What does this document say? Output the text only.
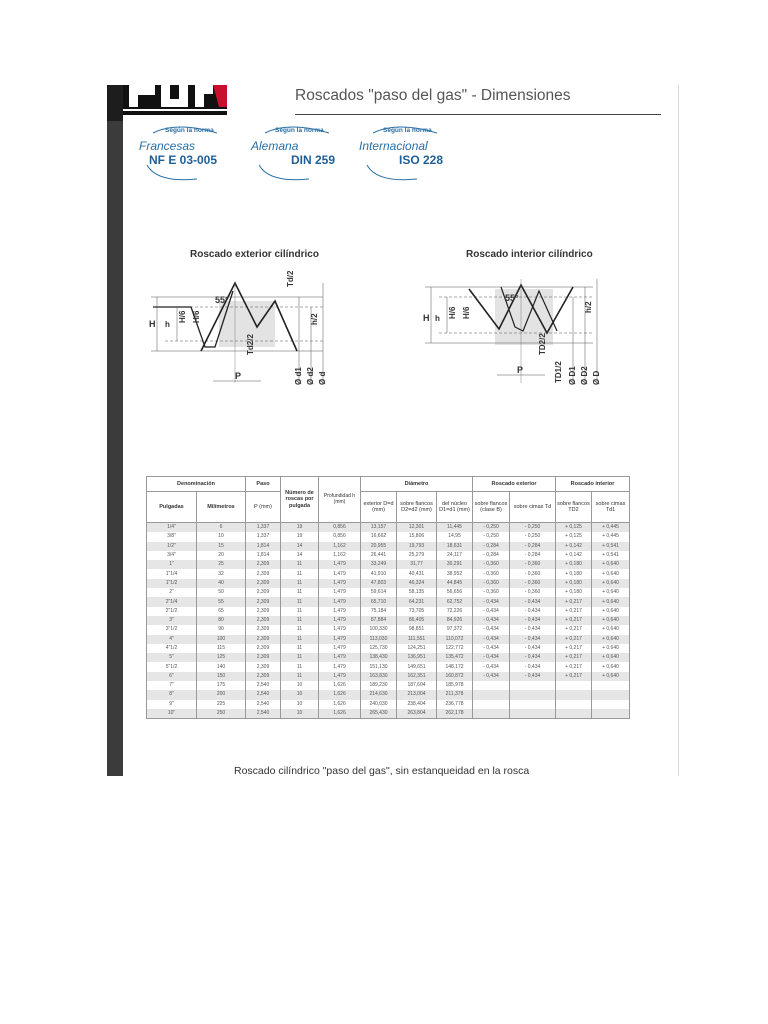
Roscados "paso del gas" - Dimensiones
Según la norma
Francesas
NF E 03-005
Según la norma
Alemana
DIN 259
Según la norma
Internacional
ISO 228
Roscado exterior cilíndrico	Roscado interior cilíndrico
H h
H/6 H/6
55°
Td/2
h/2
Td2/2
P	Ø d1 Ø d2 Ø d
H h H/6 H/6
55°
h/2
TD2/2
P	TD1/2 Ø D1 Ø D2 Ø D
Denominación		Paso	Número de roscas por pulgada	Profundidad h (mm)	Diámetro			Roscado exterior		Roscado interior	
Pulgadas	Milímetros	P (mm)			exterior D=d (mm)	sobre flancos D2=d2 (mm)	del núcleo D1=d1 (mm)	sobre flancos (clase B)	sobre cimas Td	sobre flancos TD2	sobre cimas Td1
1/4"	6	1,337	19	0,856	13,157	12,301	11,445	- 0,250	- 0,250	+ 0,125	+ 0,445
3/8"	10	1,337	19	0,856	16,662	15,806	14,95	- 0,250	- 0,250	+ 0,125	+ 0,445
1/2"	15	1,814	14	1,162	20,955	19,793	18,631	- 0,284	- 0,284	+ 0,142	+ 0,541
3/4"	20	1,814	14	1,162	26,441	25,279	24,117	- 0,284	- 0,284	+ 0,142	+ 0,541
1"	25	2,309	11	1,479	33,249	31,77	30,291	- 0,360	- 0,360	+ 0,180	+ 0,640
1"1/4	32	2,309	11	1,479	41,910	40,431	38,952	- 0,360	- 0,360	+ 0,180	+ 0,640
1"1/2	40	2,309	11	1,479	47,803	46,324	44,845	- 0,360	- 0,360	+ 0,180	+ 0,640
2"	50	2,309	11	1,479	59,614	58,135	56,656	- 0,360	- 0,360	+ 0,180	+ 0,640
2"1/4	55	2,309	11	1,479	65,710	64,231	62,752	- 0,434	- 0,434	+ 0,217	+ 0,640
2"1/2	65	2,309	11	1,479	75,184	73,705	72,226	- 0,434	- 0,434	+ 0,217	+ 0,640
3"	80	2,309	11	1,479	87,884	86,405	84,926	- 0,434	- 0,434	+ 0,217	+ 0,640
3"1/2	90	2,309	11	1,479	100,330	98,851	97,372	- 0,434	- 0,434	+ 0,217	+ 0,640
4"	100	2,309	11	1,479	113,030	111,551	110,072	- 0,434	- 0,434	+ 0,217	+ 0,640
4"1/2	115	2,309	11	1,479	125,730	124,251	122,772	- 0,434	- 0,434	+ 0,217	+ 0,640
5"	125	2,309	11	1,479	138,430	136,951	135,472	- 0,434	- 0,434	+ 0,217	+ 0,640
5"1/2	140	2,309	11	1,479	151,130	149,651	148,172	- 0,434	- 0,434	+ 0,217	+ 0,640
6"	150	2,309	11	1,479	163,830	162,351	160,872	- 0,434	- 0,434	+ 0,217	+ 0,640
7"	175	2,540	10	1,626	189,230	187,604	185,978				
8"	200	2,540	10	1,626	214,630	213,004	211,378				
9"	225	2,540	10	1,626	240,030	238,404	236,778				
10"	250	2,540	10	1,626	265,430	263,804	262,178				
Roscado cilíndrico "paso del gas", sin estanqueidad en la rosca
